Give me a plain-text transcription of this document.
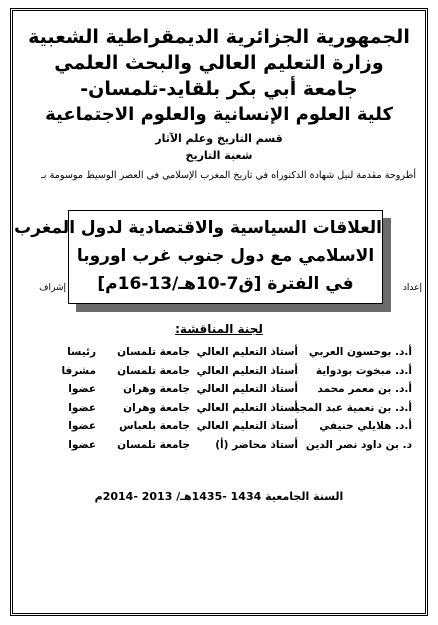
الجمهورية الجزائرية الديمقراطية الشعبية
وزارة التعليم العالي والبحث العلمي
جامعة أبي بكر بلقايد-تلمسان-
كلية العلوم الإنسانية والعلوم الاجتماعية
قسم التاريخ وعلم الآثار
شعبة التاريخ
أطروحة مقدمة لنيل شهادة الدكتوراه في تاريخ المغرب الإسلامي في العصر الوسيط موسومة بـ
إشراف	إعداد
العلاقات السياسية والاقتصادية لدول المغرب
الاسلامي مع دول جنوب غرب اوروبا
في الفترة [ق7-10هـ/13-16م]
لجنة المناقشة:
أ.د. بوحسون العربي
أستاذ التعليم العالي
جامعة تلمسان
رئيسا
أ.د. مبخوت بودواية
أستاذ التعليم العالي
جامعة تلمسان
مشرفا
أ.د. بن معمر محمد
أستاذ التعليم العالي
جامعة وهران
عضوا
أ.د. بن نعمية عبد المجيد
أستاذ التعليم العالي
جامعة وهران
عضوا
أ.د. هلايلي حنيفي
أستاذ التعليم العالي
جامعة بلعباس
عضوا
د. بن داود نصر الدين
أستاذ محاضر (أ)
جامعة تلمسان
عضوا
السنة الجامعية 1434 -1435هـ/ 2013 -2014م
